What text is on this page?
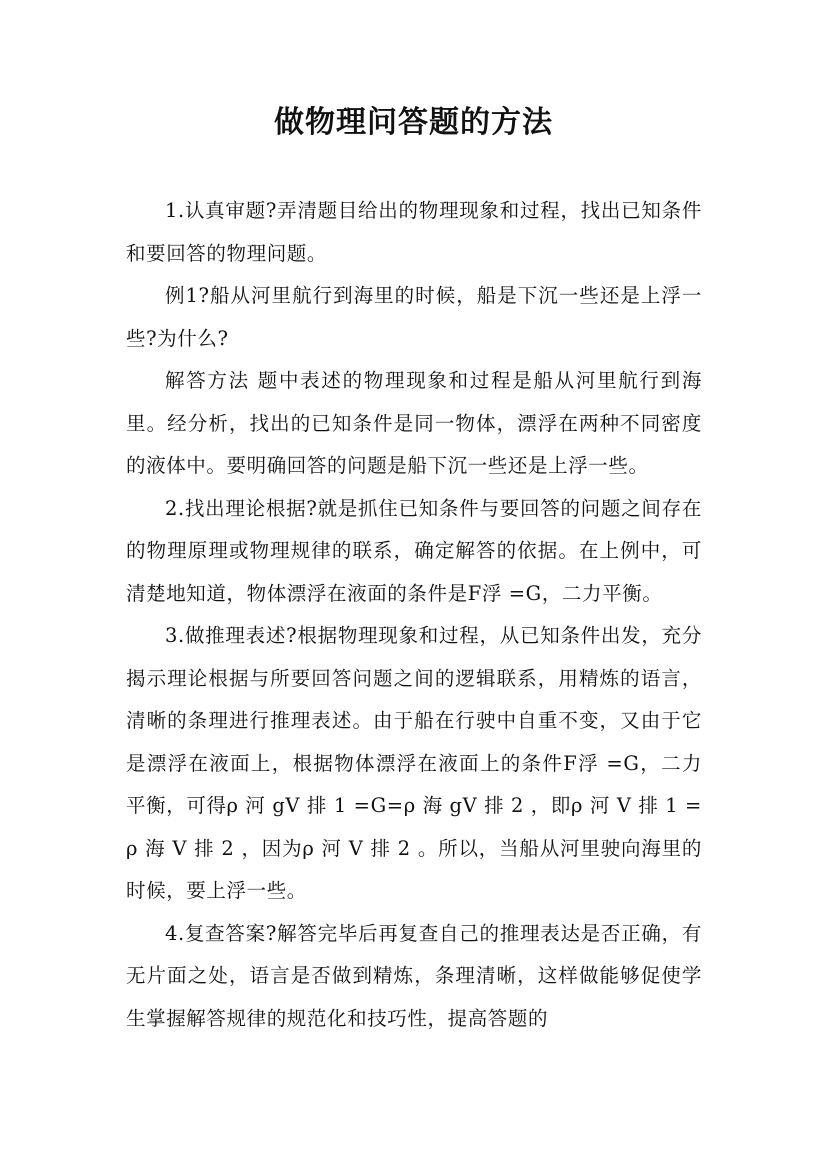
做物理问答题的方法

1.认真审题?弄清题目给出的物理现象和过程，找出已知条件和要回答的物理问题。

例1?船从河里航行到海里的时候，船是下沉一些还是上浮一些?为什么?

解答方法 题中表述的物理现象和过程是船从河里航行到海里。经分析，找出的已知条件是同一物体，漂浮在两种不同密度的液体中。要明确回答的问题是船下沉一些还是上浮一些。

2.找出理论根据?就是抓住已知条件与要回答的问题之间存在的物理原理或物理规律的联系，确定解答的依据。在上例中，可清楚地知道，物体漂浮在液面的条件是F浮 =G，二力平衡。

3.做推理表述?根据物理现象和过程，从已知条件出发，充分揭示理论根据与所要回答问题之间的逻辑联系，用精炼的语言，清晰的条理进行推理表述。由于船在行驶中自重不变，又由于它是漂浮在液面上，根据物体漂浮在液面上的条件F浮 =G，二力平衡，可得ρ 河 gV 排 1 =G=ρ 海 gV 排 2 ，即ρ 河 V 排 1 =ρ 海 V 排 2 ，因为ρ 河 V 排 2 。所以，当船从河里驶向海里的时候，要上浮一些。

4.复查答案?解答完毕后再复查自己的推理表达是否正确，有无片面之处，语言是否做到精炼，条理清晰，这样做能够促使学生掌握解答规律的规范化和技巧性，提高答题的
